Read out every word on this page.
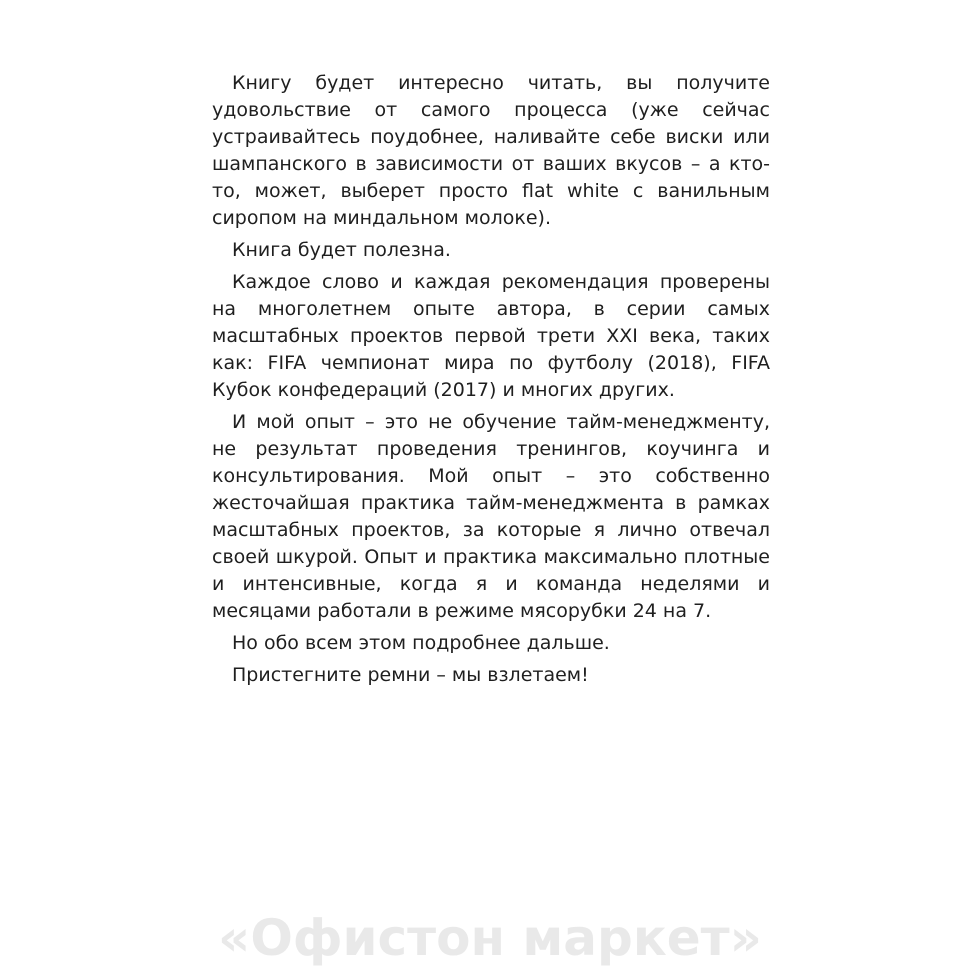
Книгу будет интересно читать, вы получите удовольствие от самого процесса (уже сейчас устраивайтесь поудобнее, наливайте себе виски или шампанского в зависимости от ваших вкусов – а кто-то, может, выберет просто flat white с ванильным сиропом на миндальном молоке).

Книга будет полезна.

Каждое слово и каждая рекомендация проверены на многолетнем опыте автора, в серии самых масштабных проектов первой трети XXI века, таких как: FIFA чемпионат мира по футболу (2018), FIFA Кубок конфедераций (2017) и многих других.

И мой опыт – это не обучение тайм-менеджменту, не результат проведения тренингов, коучинга и консультирования. Мой опыт – это собственно жесточайшая практика тайм-менеджмента в рамках масштабных проектов, за которые я лично отвечал своей шкурой. Опыт и практика максимально плотные и интенсивные, когда я и команда неделями и месяцами работали в режиме мясорубки 24 на 7.

Но обо всем этом подробнее дальше.

Пристегните ремни – мы взлетаем!

«Офистон маркет»
